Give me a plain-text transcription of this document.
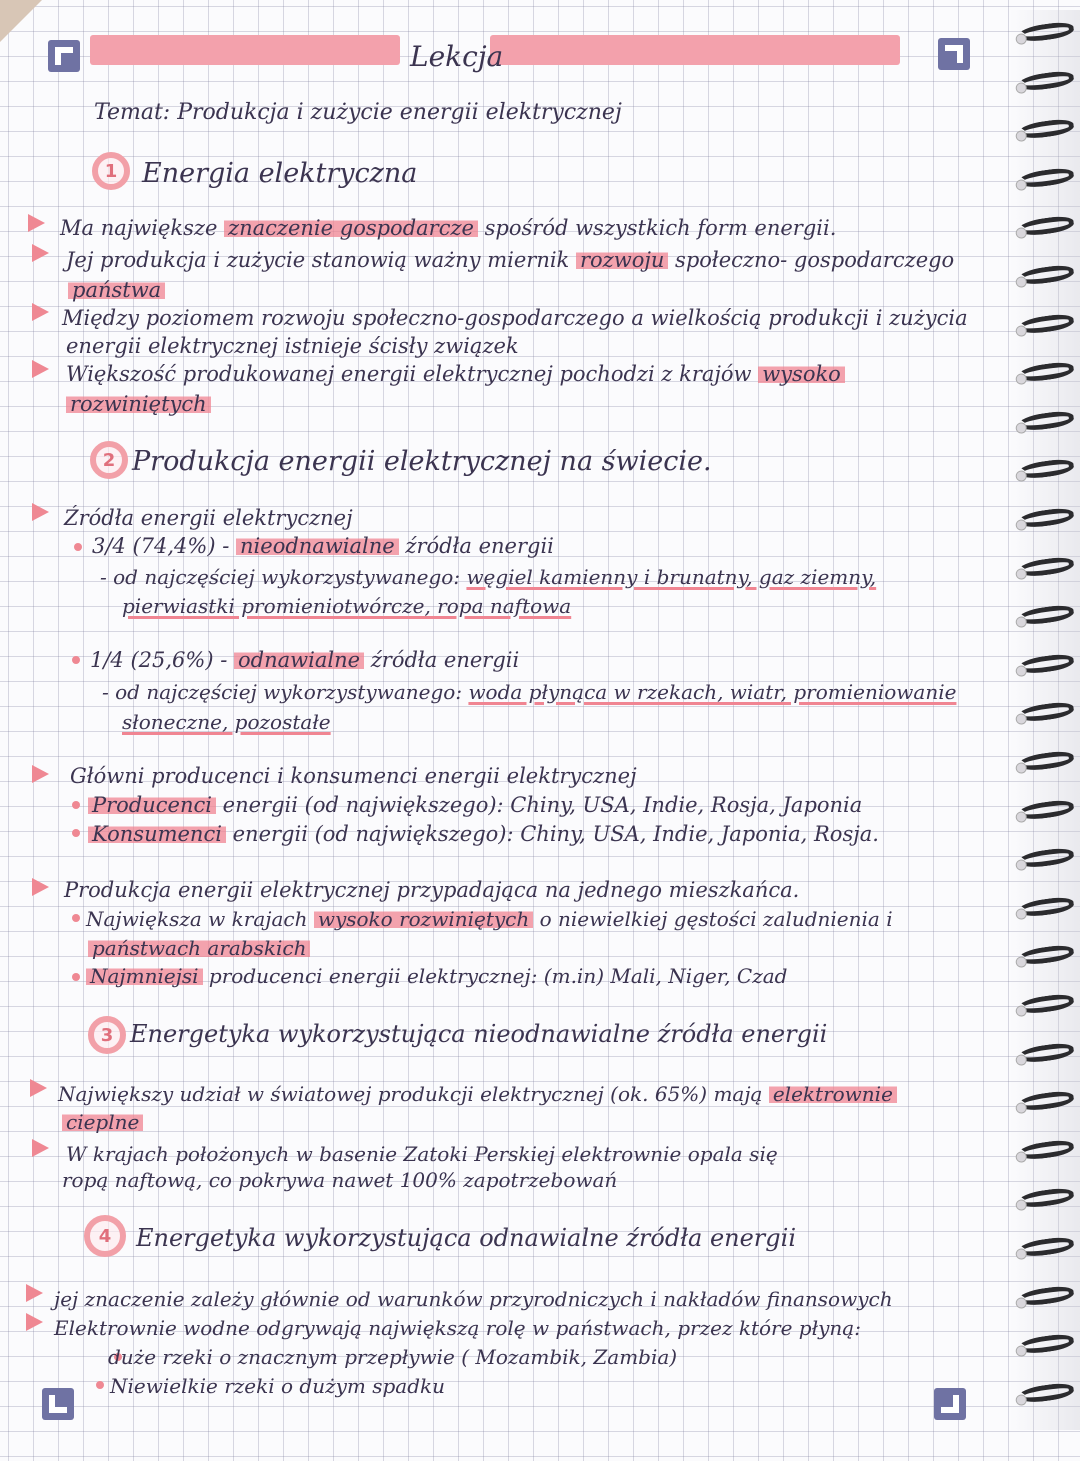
Lekcja
Temat: Produkcja i zużycie energii elektrycznej
1 Energia elektryczna
Ma największe znaczenie gospodarcze spośród wszystkich form energii.
Jej produkcja i zużycie stanowią ważny miernik rozwoju społeczno- gospodarczego
państwa
Między poziomem rozwoju społeczno-gospodarczego a wielkością produkcji i zużycia
energii elektrycznej istnieje ścisły związek
Większość produkowanej energii elektrycznej pochodzi z krajów wysoko
rozwiniętych
2 Produkcja energii elektrycznej na świecie.
Źródła energii elektrycznej
3/4 (74,4%) - nieodnawialne źródła energii
- od najczęściej wykorzystywanego: węgiel kamienny i brunatny, gaz ziemny,
pierwiastki promieniotwórcze, ropa naftowa
1/4 (25,6%) - odnawialne źródła energii
- od najczęściej wykorzystywanego: woda płynąca w rzekach, wiatr, promieniowanie
słoneczne, pozostałe
Główni producenci i konsumenci energii elektrycznej
Producenci energii (od największego): Chiny, USA, Indie, Rosja, Japonia
Konsumenci energii (od największego): Chiny, USA, Indie, Japonia, Rosja.
Produkcja energii elektrycznej przypadająca na jednego mieszkańca.
Największa w krajach wysoko rozwiniętych o niewielkiej gęstości zaludnienia i
państwach arabskich
Najmniejsi producenci energii elektrycznej: (m.in) Mali, Niger, Czad
3 Energetyka wykorzystująca nieodnawialne źródła energii
Największy udział w światowej produkcji elektrycznej (ok. 65%) mają elektrownie
cieplne
W krajach położonych w basenie Zatoki Perskiej elektrownie opala się
ropą naftową, co pokrywa nawet 100% zapotrzebowań
4	Energetyka wykorzystująca odnawialne źródła energii
jej znaczenie zależy głównie od warunków przyrodniczych i nakładów finansowych
Elektrownie wodne odgrywają największą rolę w państwach, przez które płyną:
duże rzeki o znacznym przepływie ( Mozambik, Zambia)
Niewielkie rzeki o dużym spadku
